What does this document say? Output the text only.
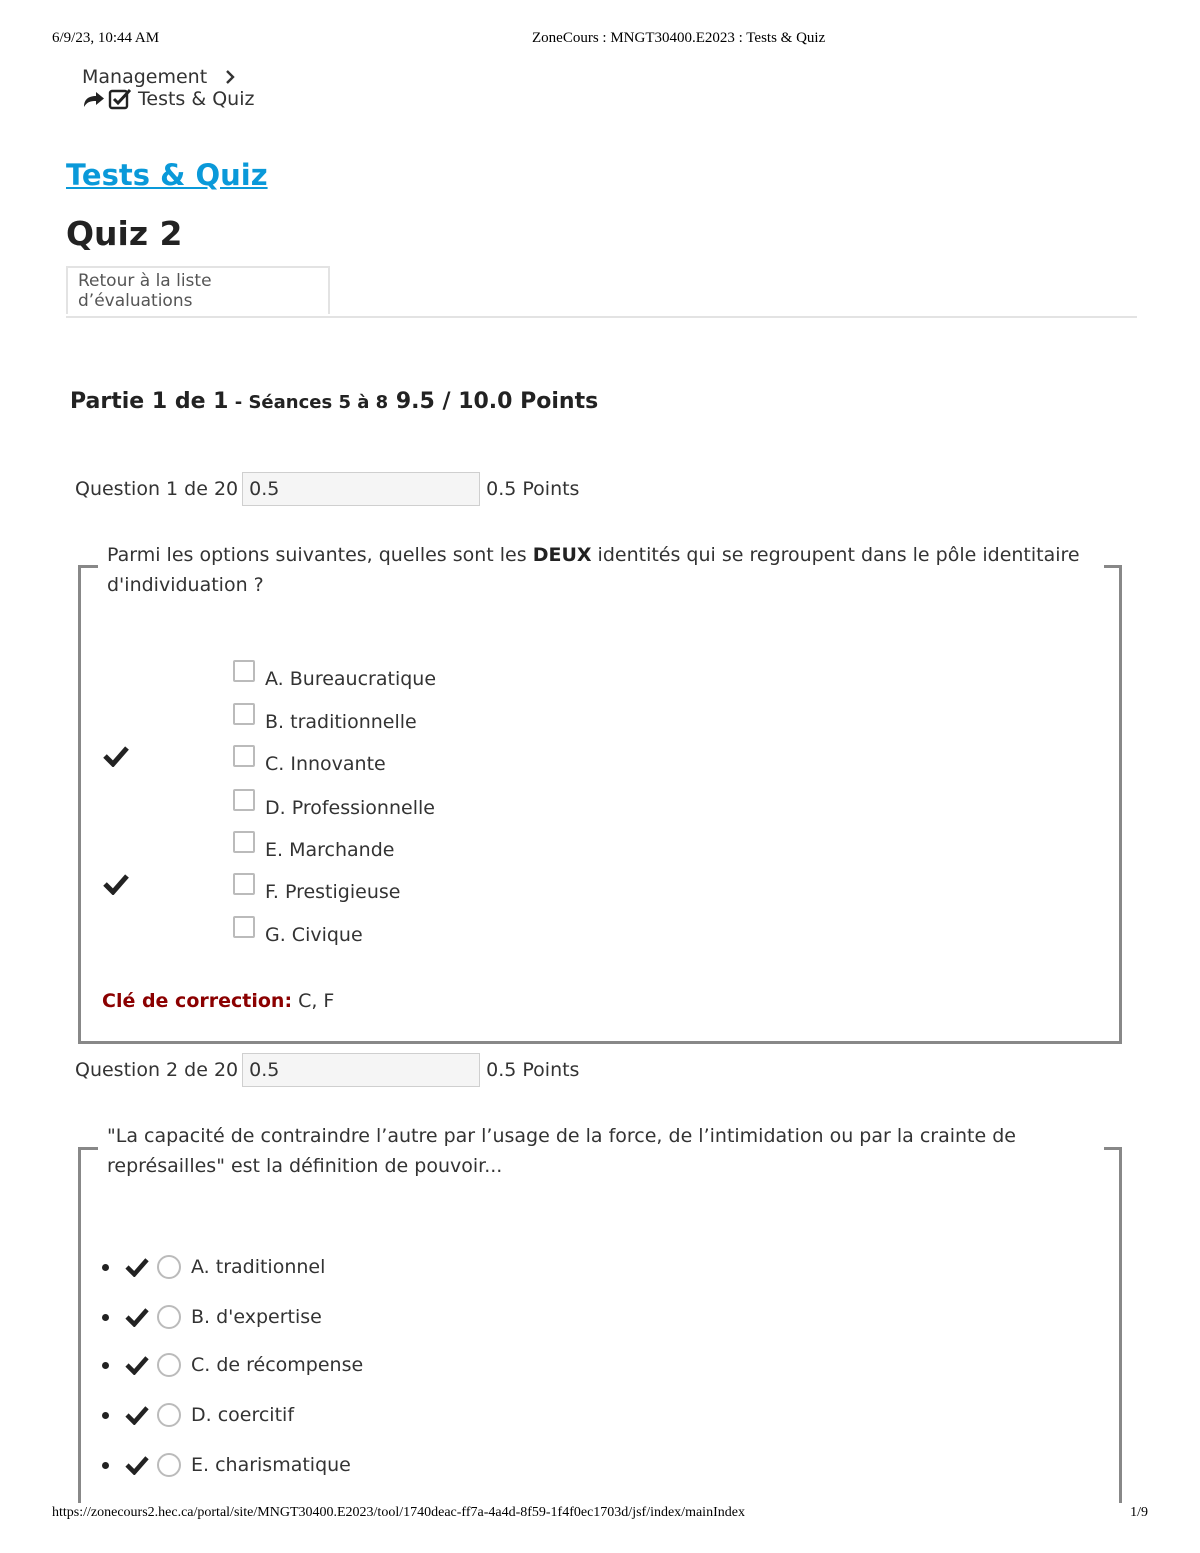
6/9/23, 10:44 AM	ZoneCours : MNGT30400.E2023 : Tests & Quiz
Management
Tests & Quiz
Tests & Quiz
Quiz 2
Retour à la liste d’évaluations
Partie 1 de 1 - Séances 5 à 8 9.5 / 10.0 Points
Question 1 de 20
0.5	0.5 Points
Parmi les options suivantes, quelles sont les DEUX identités qui se regroupent dans le pôle identitaire d'individuation ?
A. Bureaucratique
B. traditionnelle
C. Innovante
D. Professionnelle
E. Marchande
F. Prestigieuse
G. Civique
Clé de correction: C, F
Question 2 de 20
0.5	0.5 Points
"La capacité de contraindre l’autre par l’usage de la force, de l’intimidation ou par la crainte de représailles" est la définition de pouvoir...
A. traditionnel
B. d'expertise
C. de récompense
D. coercitif
E. charismatique
https://zonecours2.hec.ca/portal/site/MNGT30400.E2023/tool/1740deac-ff7a-4a4d-8f59-1f4f0ec1703d/jsf/index/mainIndex	1/9
